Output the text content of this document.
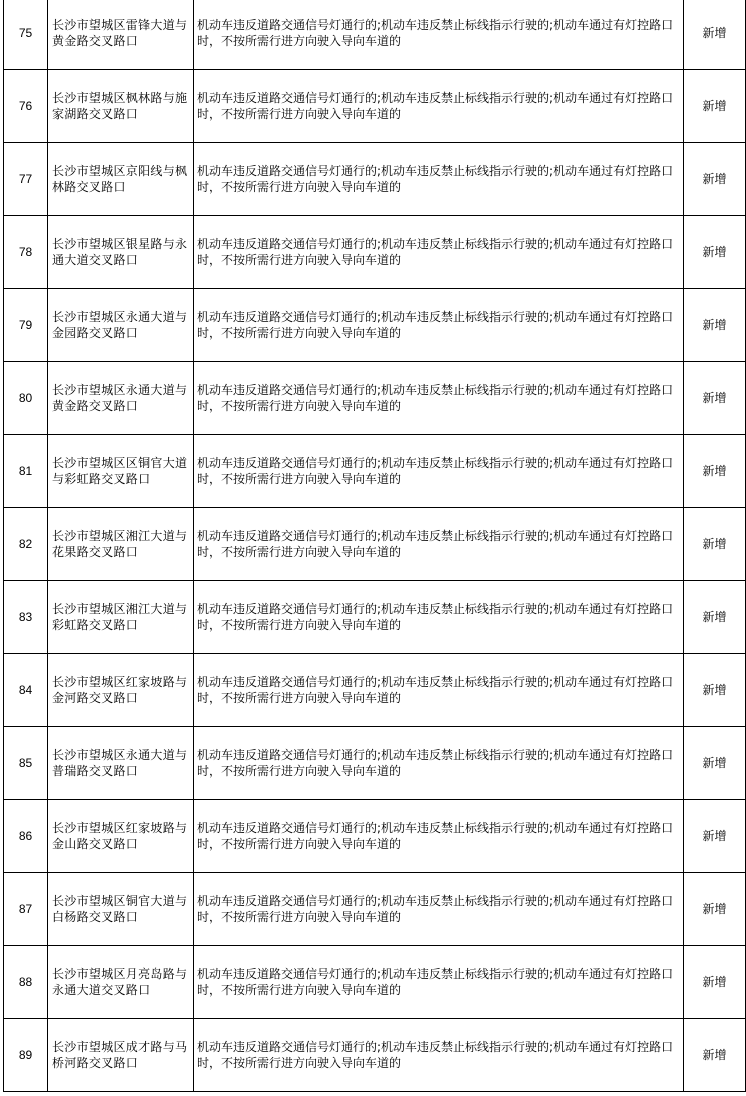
75	长沙市望城区雷锋大道与黄金路交叉路口	机动车违反道路交通信号灯通行的;机动车违反禁止标线指示行驶的;机动车通过有灯控路口时，不按所需行进方向驶入导向车道的	新增
76	长沙市望城区枫林路与施家湖路交叉路口	机动车违反道路交通信号灯通行的;机动车违反禁止标线指示行驶的;机动车通过有灯控路口时，不按所需行进方向驶入导向车道的	新增
77	长沙市望城区京阳线与枫林路交叉路口	机动车违反道路交通信号灯通行的;机动车违反禁止标线指示行驶的;机动车通过有灯控路口时，不按所需行进方向驶入导向车道的	新增
78	长沙市望城区银星路与永通大道交叉路口	机动车违反道路交通信号灯通行的;机动车违反禁止标线指示行驶的;机动车通过有灯控路口时，不按所需行进方向驶入导向车道的	新增
79	长沙市望城区永通大道与金园路交叉路口	机动车违反道路交通信号灯通行的;机动车违反禁止标线指示行驶的;机动车通过有灯控路口时，不按所需行进方向驶入导向车道的	新增
80	长沙市望城区永通大道与黄金路交叉路口	机动车违反道路交通信号灯通行的;机动车违反禁止标线指示行驶的;机动车通过有灯控路口时，不按所需行进方向驶入导向车道的	新增
81	长沙市望城区区铜官大道与彩虹路交叉路口	机动车违反道路交通信号灯通行的;机动车违反禁止标线指示行驶的;机动车通过有灯控路口时，不按所需行进方向驶入导向车道的	新增
82	长沙市望城区湘江大道与花果路交叉路口	机动车违反道路交通信号灯通行的;机动车违反禁止标线指示行驶的;机动车通过有灯控路口时，不按所需行进方向驶入导向车道的	新增
83	长沙市望城区湘江大道与彩虹路交叉路口	机动车违反道路交通信号灯通行的;机动车违反禁止标线指示行驶的;机动车通过有灯控路口时，不按所需行进方向驶入导向车道的	新增
84	长沙市望城区红家坡路与金河路交叉路口	机动车违反道路交通信号灯通行的;机动车违反禁止标线指示行驶的;机动车通过有灯控路口时，不按所需行进方向驶入导向车道的	新增
85	长沙市望城区永通大道与普瑞路交叉路口	机动车违反道路交通信号灯通行的;机动车违反禁止标线指示行驶的;机动车通过有灯控路口时，不按所需行进方向驶入导向车道的	新增
86	长沙市望城区红家坡路与金山路交叉路口	机动车违反道路交通信号灯通行的;机动车违反禁止标线指示行驶的;机动车通过有灯控路口时，不按所需行进方向驶入导向车道的	新增
87	长沙市望城区铜官大道与白杨路交叉路口	机动车违反道路交通信号灯通行的;机动车违反禁止标线指示行驶的;机动车通过有灯控路口时，不按所需行进方向驶入导向车道的	新增
88	长沙市望城区月亮岛路与永通大道交叉路口	机动车违反道路交通信号灯通行的;机动车违反禁止标线指示行驶的;机动车通过有灯控路口时，不按所需行进方向驶入导向车道的	新增
89	长沙市望城区成才路与马桥河路交叉路口	机动车违反道路交通信号灯通行的;机动车违反禁止标线指示行驶的;机动车通过有灯控路口时，不按所需行进方向驶入导向车道的	新增
